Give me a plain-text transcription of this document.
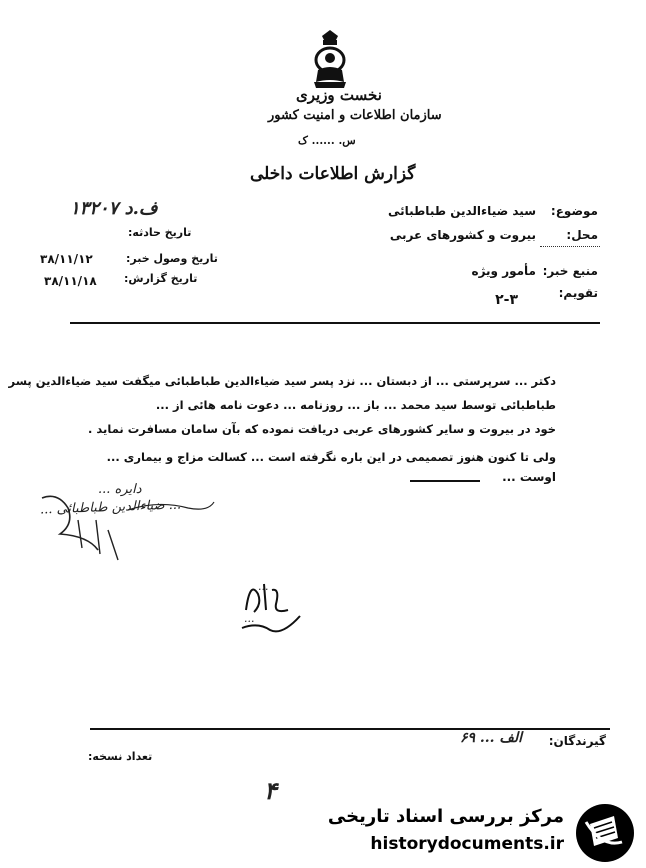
نخست وزیری
سازمان اطلاعات و امنیت کشور
س. ...... ک
گزارش اطلاعات داخلی
موضوع:
سید ضیاءالدین طباطبائی
محل:
بیروت و کشورهای عربی
منبع خبر:
مأمور ویژه
تقویم:
۲-۳
ف.د ۱۳۲۰۷
تاریخ حادثه:
تاریخ وصول خبر:
۳۸/۱۱/۱۲
تاریخ گزارش:
۳۸/۱۱/۱۸
دکتر ... سرپرستی ... از دبستان ... نزد پسر سید ضیاءالدین طباطبائی میگفت سید ضیاءالدین پسر
طباطبائی توسط سید محمد ... باز ... روزنامه ... دعوت نامه هائی از ...
خود در بیروت و سایر کشورهای عربی دریافت نموده که بآن سامان مسافرت نماید .
ولی تا کنون هنوز تصمیمی در این باره نگرفته است ... کسالت مزاج و بیماری ...
اوست ...
دایره ...
... ضیاءالدین طباطبائی ...
...
...
گیرندگان:
الف ... ۶۹
تعداد نسخه:
۴
مرکز بررسی اسناد تاریخی
historydocuments.ir
